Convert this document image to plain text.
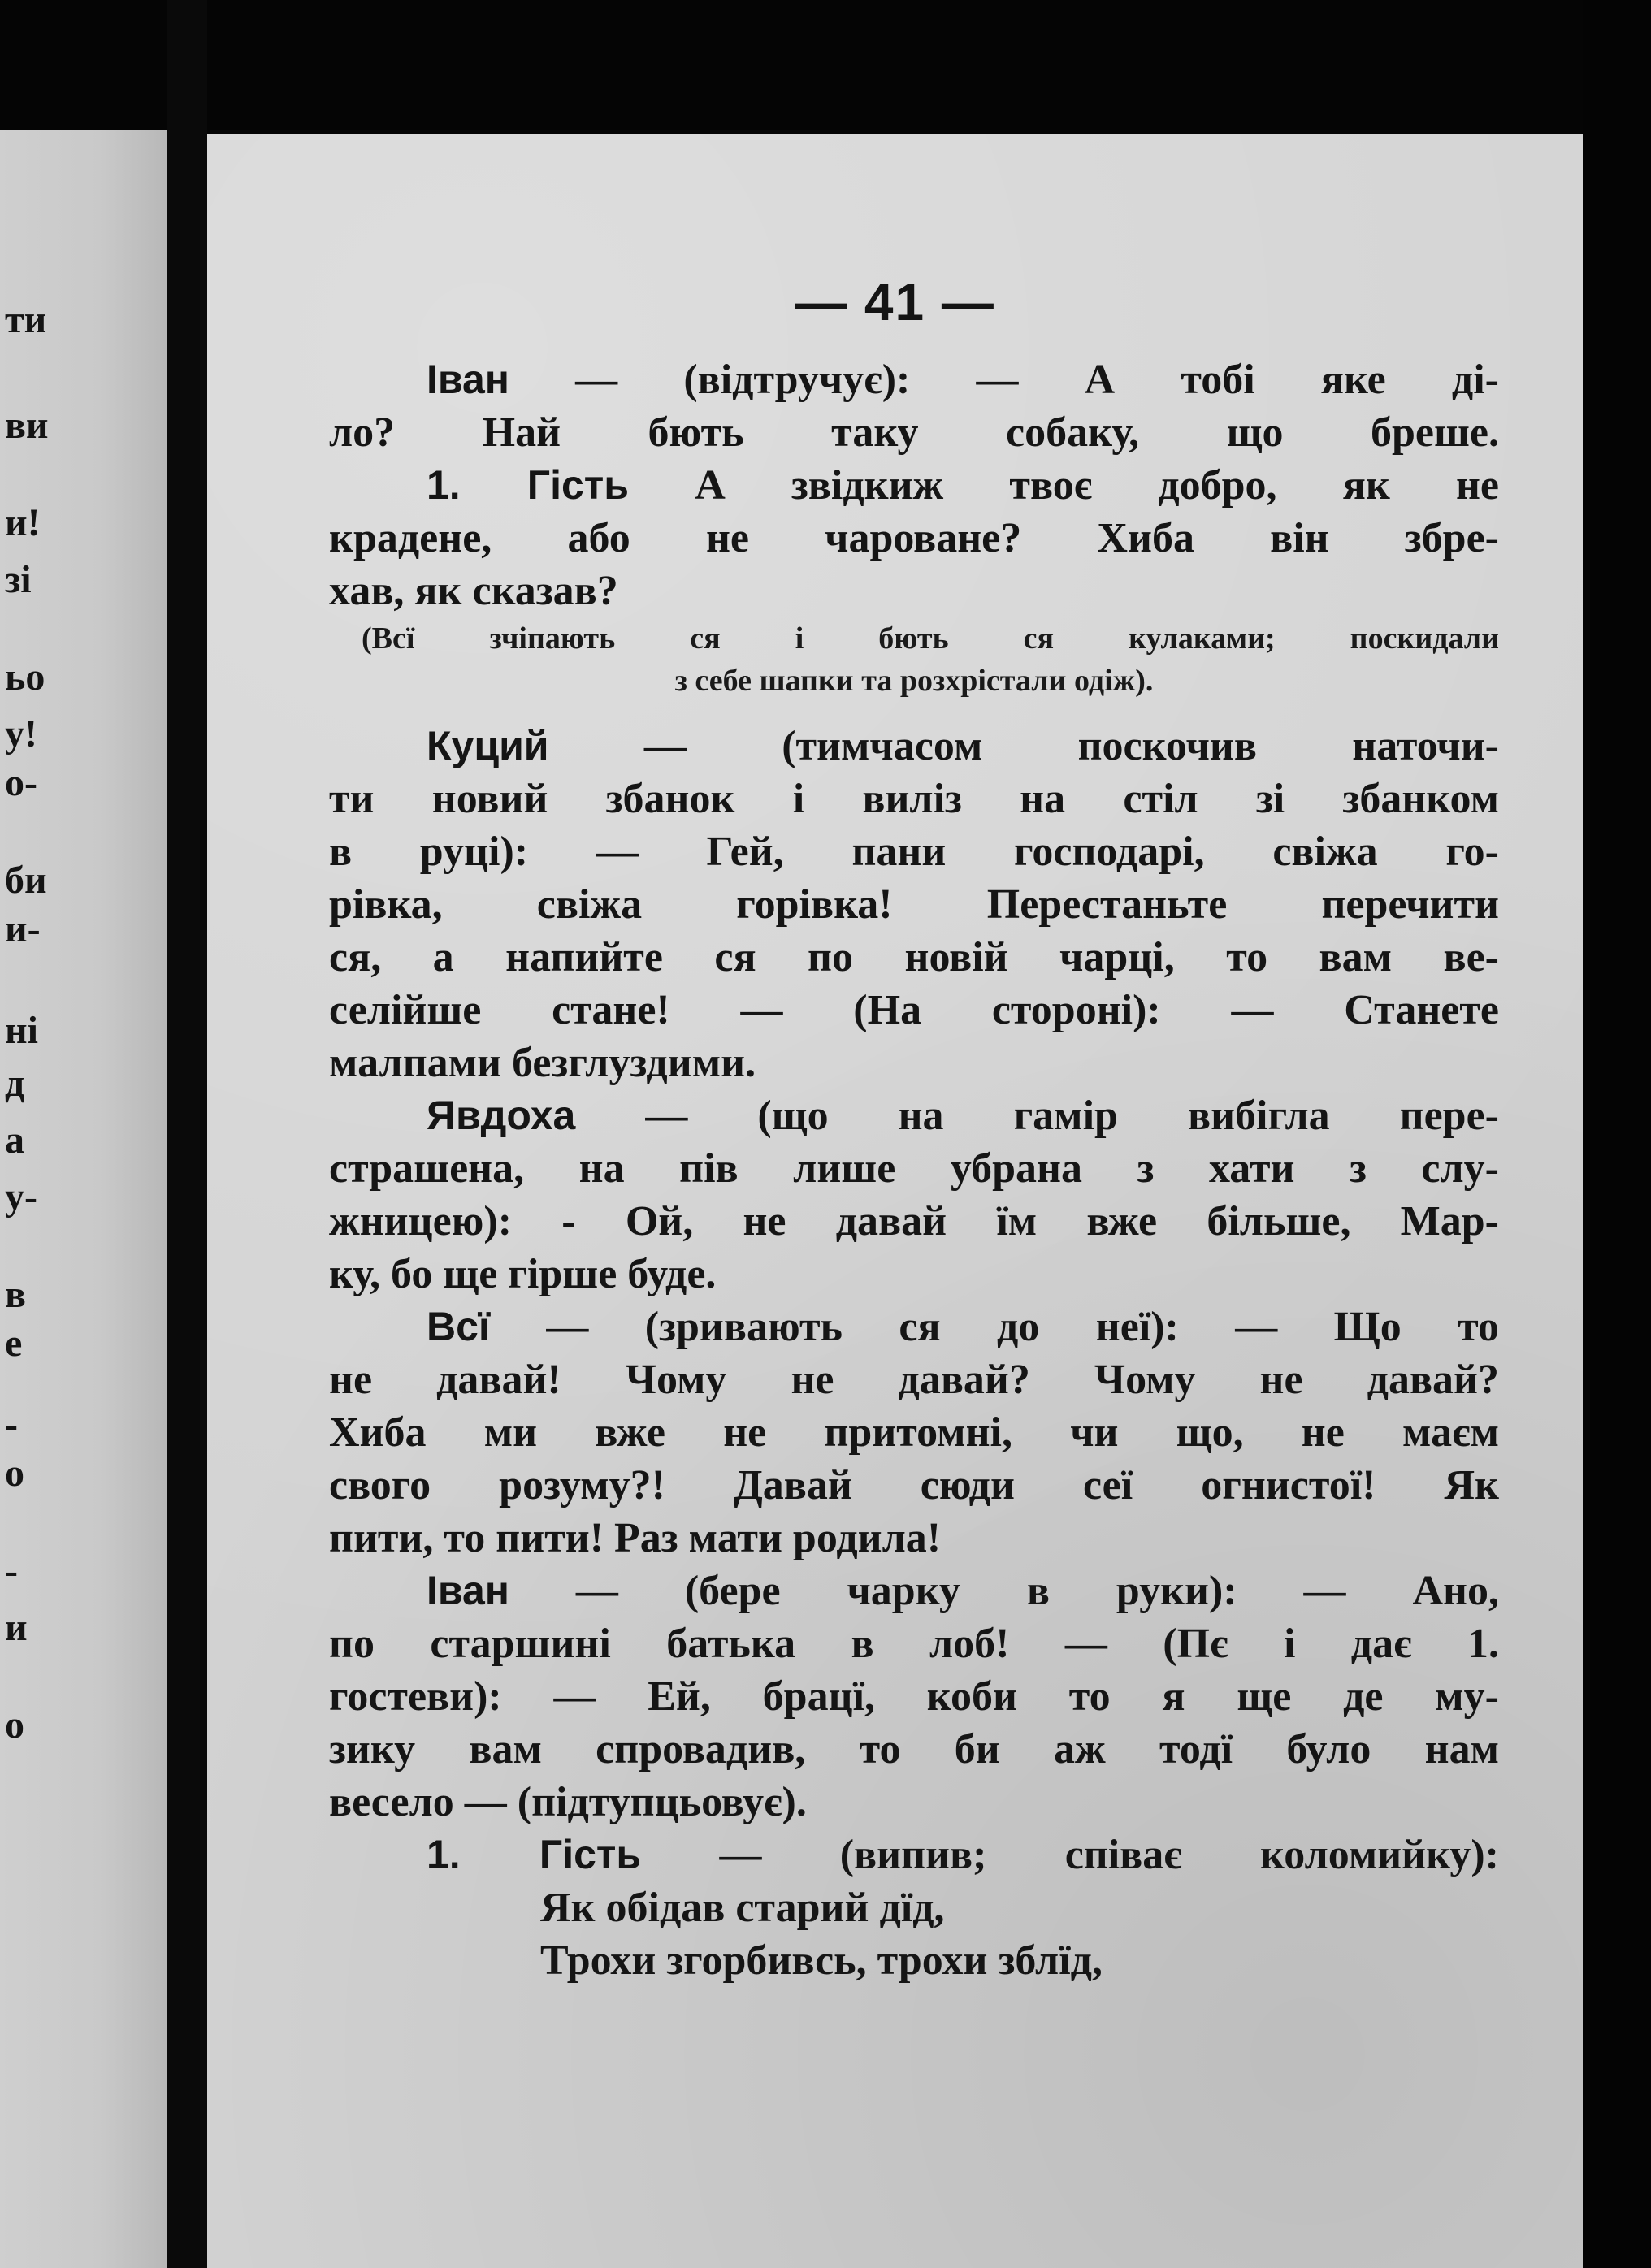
ти
ви
и!
зі
ьо
у!
о-
би
и-
ні
д
а
у-
в
е
-
о
-
и
о
— 41 —
Іван — (відтручує): — А тобі яке ді-
ло? Най бють таку собаку, що бреше.
1. Гість А звідкиж твоє добро, як не
крадене, або не чароване? Хиба він збре-
хав, як сказав?
(Всї зчіпають ся і бють ся кулаками; поскидали
з себе шапки та розхрістали одіж).
Куций — (тимчасом поскочив наточи-
ти новий збанок і виліз на стіл зі збанком
в руці): — Гей, пани господарі, свіжа го-
рівка, свіжа горівка! Перестаньте перечити
ся, а напийте ся по новій чарці, то вам ве-
селійше стане! — (На стороні): — Станете
малпами безглуздими.
Явдоха — (що на гамір вибігла пере-
страшена, на пів лише убрана з хати з слу-
жницею): - Ой, не давай їм вже більше, Мар-
ку, бо ще гірше буде.
Всї — (зривають ся до неї): — Що то
не давай! Чому не давай? Чому не давай?
Хиба ми вже не притомні, чи що, не маєм
свого розуму?! Давай сюди сеї огнистої! Як
пити, то пити! Раз мати родила!
Іван — (бере чарку в руки): — Ано,
по старшині батька в лоб! — (Пє і дає 1.
гостеви): — Ей, брацї, коби то я ще де му-
зику вам спровадив, то би аж тодї було нам
весело — (підтупцьовує).
1. Гість — (випив; співає коломийку):
Як обідав старий дїд,
Трохи згорбивсь, трохи зблїд,
